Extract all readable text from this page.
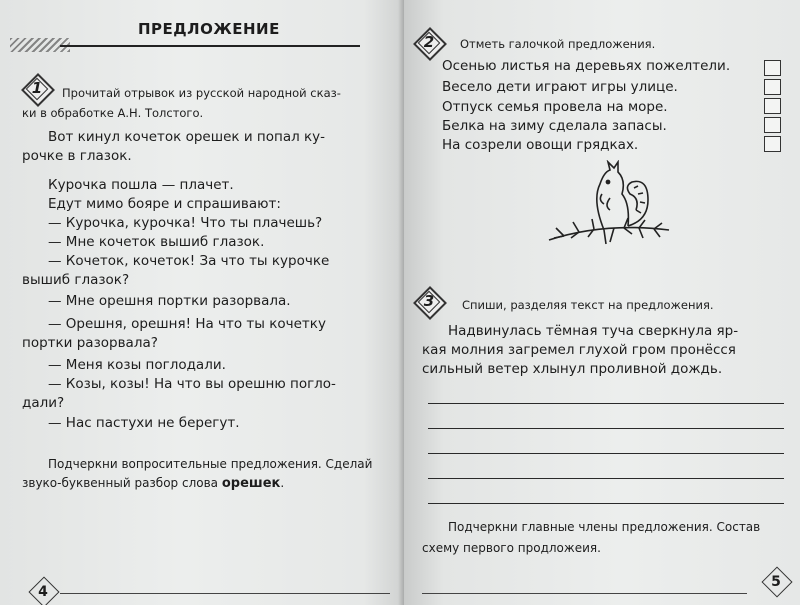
ПРЕДЛОЖЕНИЕ
1	Прочитай отрывок из русской народной сказ-
ки в обработке А.Н. Толстого.
Вот кинул кочеток орешек и попал ку-
рочке в глазок.
Курочка пошла — плачет.
Едут мимо бояре и спрашивают:
— Курочка, курочка! Что ты плачешь?
— Мне кочеток вышиб глазок.
— Кочеток, кочеток! За что ты курочке
вышиб глазок?
— Мне орешня портки разорвала.
— Орешня, орешня! На что ты кочетку
портки разорвала?
— Меня козы поглодали.
— Козы, козы! На что вы орешню погло-
дали?
— Нас пастухи не берегут.
Подчеркни вопросительные предложения. Сделай
звуко-буквенный разбор слова орешек.
4
2	Отметь галочкой предложения.
Осенью листья на деревьях пожелтели.
Весело дети играют игры улице.
Отпуск семья провела на море.
Белка на зиму сделала запасы.
На созрели овощи грядках.
3	Спиши, разделяя текст на предложения.
Надвинулась тёмная туча сверкнула яр-
кая молния загремел глухой гром пронёсся
сильный ветер хлынул проливной дождь.
Подчеркни главные члены предложения. Состав
схему первого продложеия.
5
